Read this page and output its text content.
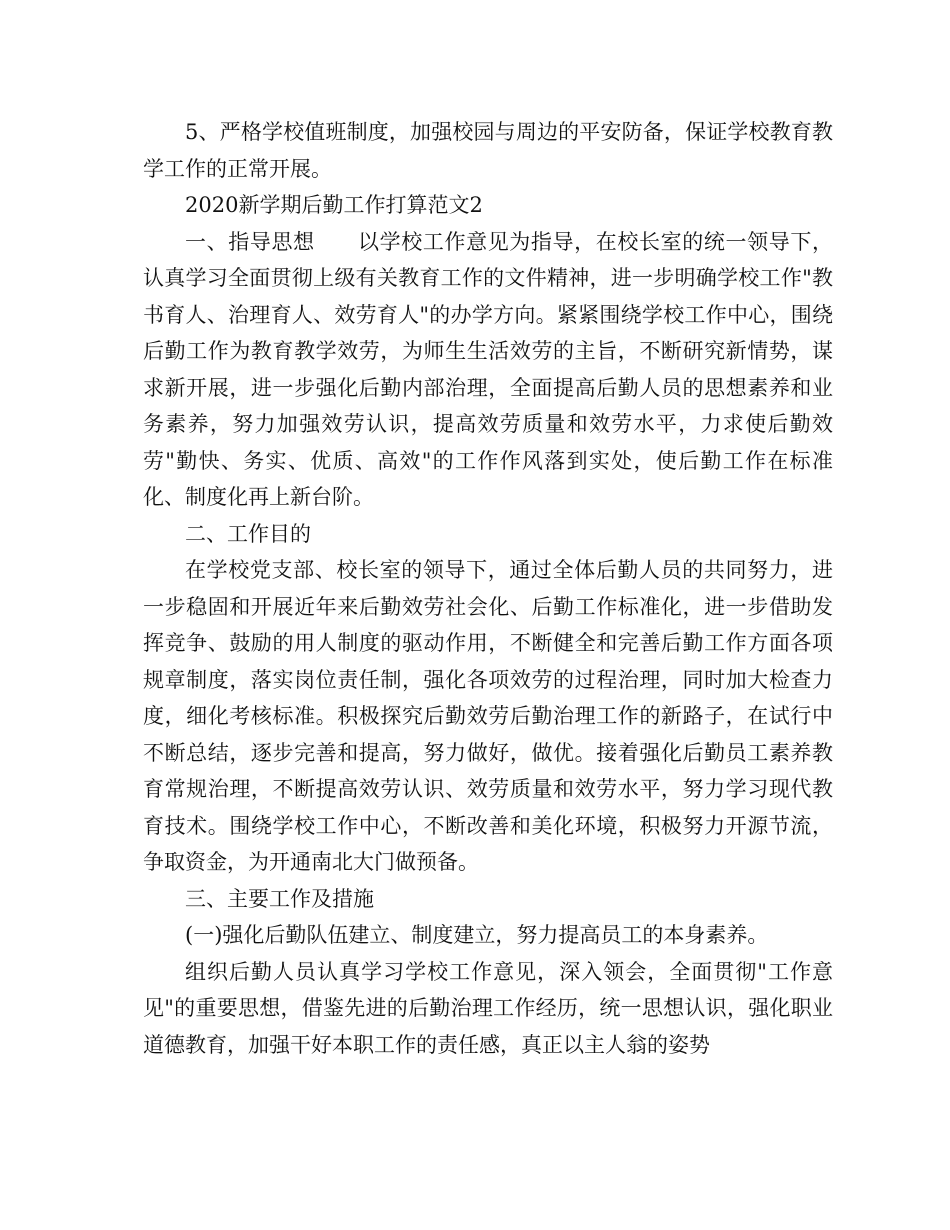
5、严格学校值班制度，加强校园与周边的平安防备，保证学校教育教学工作的正常开展。

2020新学期后勤工作打算范文2

一、指导思想　　以学校工作意见为指导，在校长室的统一领导下，认真学习全面贯彻上级有关教育工作的文件精神，进一步明确学校工作"教书育人、治理育人、效劳育人"的办学方向。紧紧围绕学校工作中心，围绕后勤工作为教育教学效劳，为师生生活效劳的主旨，不断研究新情势，谋求新开展，进一步强化后勤内部治理，全面提高后勤人员的思想素养和业务素养，努力加强效劳认识，提高效劳质量和效劳水平，力求使后勤效劳"勤快、务实、优质、高效"的工作作风落到实处，使后勤工作在标准化、制度化再上新台阶。

二、工作目的

在学校党支部、校长室的领导下，通过全体后勤人员的共同努力，进一步稳固和开展近年来后勤效劳社会化、后勤工作标准化，进一步借助发挥竞争、鼓励的用人制度的驱动作用，不断健全和完善后勤工作方面各项规章制度，落实岗位责任制，强化各项效劳的过程治理，同时加大检查力度，细化考核标准。积极探究后勤效劳后勤治理工作的新路子，在试行中不断总结，逐步完善和提高，努力做好，做优。接着强化后勤员工素养教育常规治理，不断提高效劳认识、效劳质量和效劳水平，努力学习现代教育技术。围绕学校工作中心，不断改善和美化环境，积极努力开源节流，争取资金，为开通南北大门做预备。

三、主要工作及措施

(一)强化后勤队伍建立、制度建立，努力提高员工的本身素养。

组织后勤人员认真学习学校工作意见，深入领会，全面贯彻"工作意见"的重要思想，借鉴先进的后勤治理工作经历，统一思想认识，强化职业道德教育，加强干好本职工作的责任感，真正以主人翁的姿势
